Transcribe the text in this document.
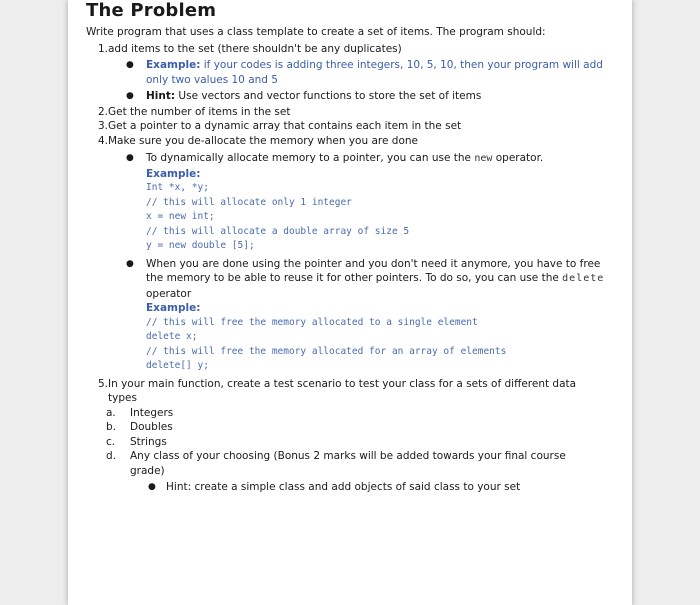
The Problem
Write program that uses a class template to create a set of items. The program should:
1. add items to the set (there shouldn't be any duplicates)
● Example: if your codes is adding three integers, 10, 5, 10, then your program will add
only two values 10 and 5
● Hint: Use vectors and vector functions to store the set of items
2. Get the number of items in the set
3. Get a pointer to a dynamic array that contains each item in the set
4. Make sure you de-allocate the memory when you are done
● To dynamically allocate memory to a pointer, you can use the new operator.
Example:
Int *x, *y;
// this will allocate only 1 integer
x = new int;
// this will allocate a double array of size 5
y = new double [5];
● When you are done using the pointer and you don't need it anymore, you have to free
the memory to be able to reuse it for other pointers. To do so, you can use the delete
operator
Example:
// this will free the memory allocated to a single element
delete x;
// this will free the memory allocated for an array of elements
delete[] y;
5. In your main function, create a test scenario to test your class for a sets of different data
types
a. Integers
b. Doubles
c. Strings
d. Any class of your choosing (Bonus 2 marks will be added towards your final course
grade)
● Hint: create a simple class and add objects of said class to your set
